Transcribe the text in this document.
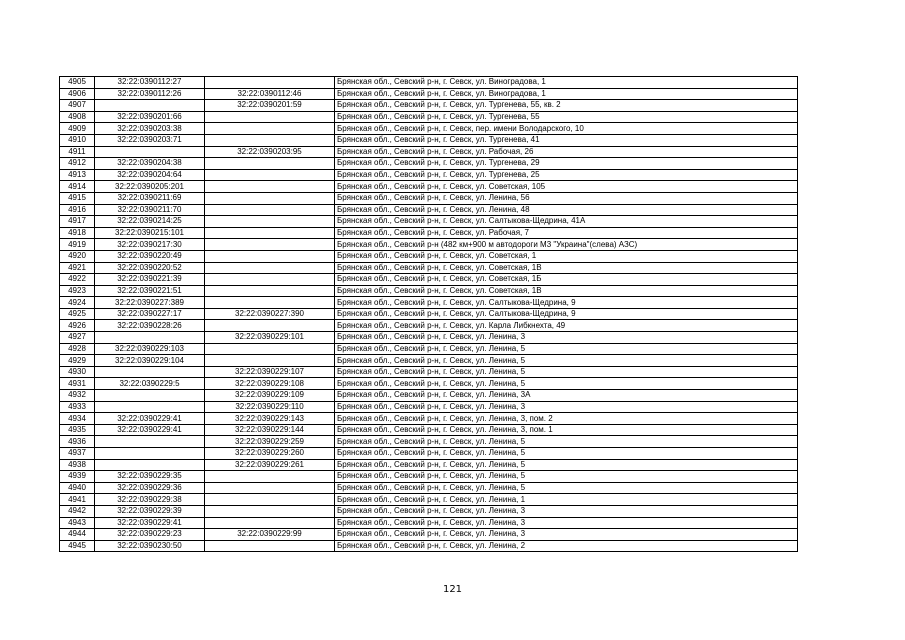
4905	32:22:0390112:27		Брянская обл., Севский р-н, г. Севск, ул. Виноградова, 1
4906	32:22:0390112:26	32:22:0390112:46	Брянская обл., Севский р-н, г. Севск, ул. Виноградова, 1
4907		32:22:0390201:59	Брянская обл., Севский р-н, г. Севск, ул. Тургенева, 55, кв. 2
4908	32:22:0390201:66		Брянская обл., Севский р-н, г. Севск, ул. Тургенева, 55
4909	32:22:0390203:38		Брянская обл., Севский р-н, г. Севск, пер. имени Володарского, 10
4910	32:22:0390203:71		Брянская обл., Севский р-н, г. Севск, ул. Тургенева, 41
4911		32:22:0390203:95	Брянская обл., Севский р-н, г. Севск, ул. Рабочая, 26
4912	32:22:0390204:38		Брянская обл., Севский р-н, г. Севск, ул. Тургенева, 29
4913	32:22:0390204:64		Брянская обл., Севский р-н, г. Севск, ул. Тургенева, 25
4914	32:22:0390205:201		Брянская обл., Севский р-н, г. Севск, ул. Советская, 105
4915	32:22:0390211:69		Брянская обл., Севский р-н, г. Севск, ул. Ленина, 56
4916	32:22:0390211:70		Брянская обл., Севский р-н, г. Севск, ул. Ленина, 48
4917	32:22:0390214:25		Брянская обл., Севский р-н, г. Севск, ул. Салтыкова-Щедрина, 41А
4918	32:22:0390215:101		Брянская обл., Севский р-н, г. Севск, ул. Рабочая, 7
4919	32:22:0390217:30		Брянская обл., Севский р-н (482 км+900 м автодороги М3 "Украина"(слева) АЗС)
4920	32:22:0390220:49		Брянская обл., Севский р-н, г. Севск, ул. Советская, 1
4921	32:22:0390220:52		Брянская обл., Севский р-н, г. Севск, ул. Советская, 1В
4922	32:22:0390221:39		Брянская обл., Севский р-н, г. Севск, ул. Советская, 1Б
4923	32:22:0390221:51		Брянская обл., Севский р-н, г. Севск, ул. Советская, 1В
4924	32:22:0390227:389		Брянская обл., Севский р-н, г. Севск, ул. Салтыкова-Щедрина, 9
4925	32:22:0390227:17	32:22:0390227:390	Брянская обл., Севский р-н, г. Севск, ул. Салтыкова-Щедрина, 9
4926	32:22:0390228:26		Брянская обл., Севский р-н, г. Севск, ул. Карла Либкнехта, 49
4927		32:22:0390229:101	Брянская обл., Севский р-н, г. Севск, ул. Ленина, 3
4928	32:22:0390229:103		Брянская обл., Севский р-н, г. Севск, ул. Ленина, 5
4929	32:22:0390229:104		Брянская обл., Севский р-н, г. Севск, ул. Ленина, 5
4930		32:22:0390229:107	Брянская обл., Севский р-н, г. Севск, ул. Ленина, 5
4931	32:22:0390229:5	32:22:0390229:108	Брянская обл., Севский р-н, г. Севск, ул. Ленина, 5
4932		32:22:0390229:109	Брянская обл., Севский р-н, г. Севск, ул. Ленина, 3А
4933		32:22:0390229:110	Брянская обл., Севский р-н, г. Севск, ул. Ленина, 3
4934	32:22:0390229:41	32:22:0390229:143	Брянская обл., Севский р-н, г. Севск, ул. Ленина, 3, пом. 2
4935	32:22:0390229:41	32:22:0390229:144	Брянская обл., Севский р-н, г. Севск, ул. Ленина, 3, пом. 1
4936		32:22:0390229:259	Брянская обл., Севский р-н, г. Севск, ул. Ленина, 5
4937		32:22:0390229:260	Брянская обл., Севский р-н, г. Севск, ул. Ленина, 5
4938		32:22:0390229:261	Брянская обл., Севский р-н, г. Севск, ул. Ленина, 5
4939	32:22:0390229:35		Брянская обл., Севский р-н, г. Севск, ул. Ленина, 5
4940	32:22:0390229:36		Брянская обл., Севский р-н, г. Севск, ул. Ленина, 5
4941	32:22:0390229:38		Брянская обл., Севский р-н, г. Севск, ул. Ленина, 1
4942	32:22:0390229:39		Брянская обл., Севский р-н, г. Севск, ул. Ленина, 3
4943	32:22:0390229:41		Брянская обл., Севский р-н, г. Севск, ул. Ленина, 3
4944	32:22:0390229:23	32:22:0390229:99	Брянская обл., Севский р-н, г. Севск, ул. Ленина, 3
4945	32:22:0390230:50		Брянская обл., Севский р-н, г. Севск, ул. Ленина, 2
121
